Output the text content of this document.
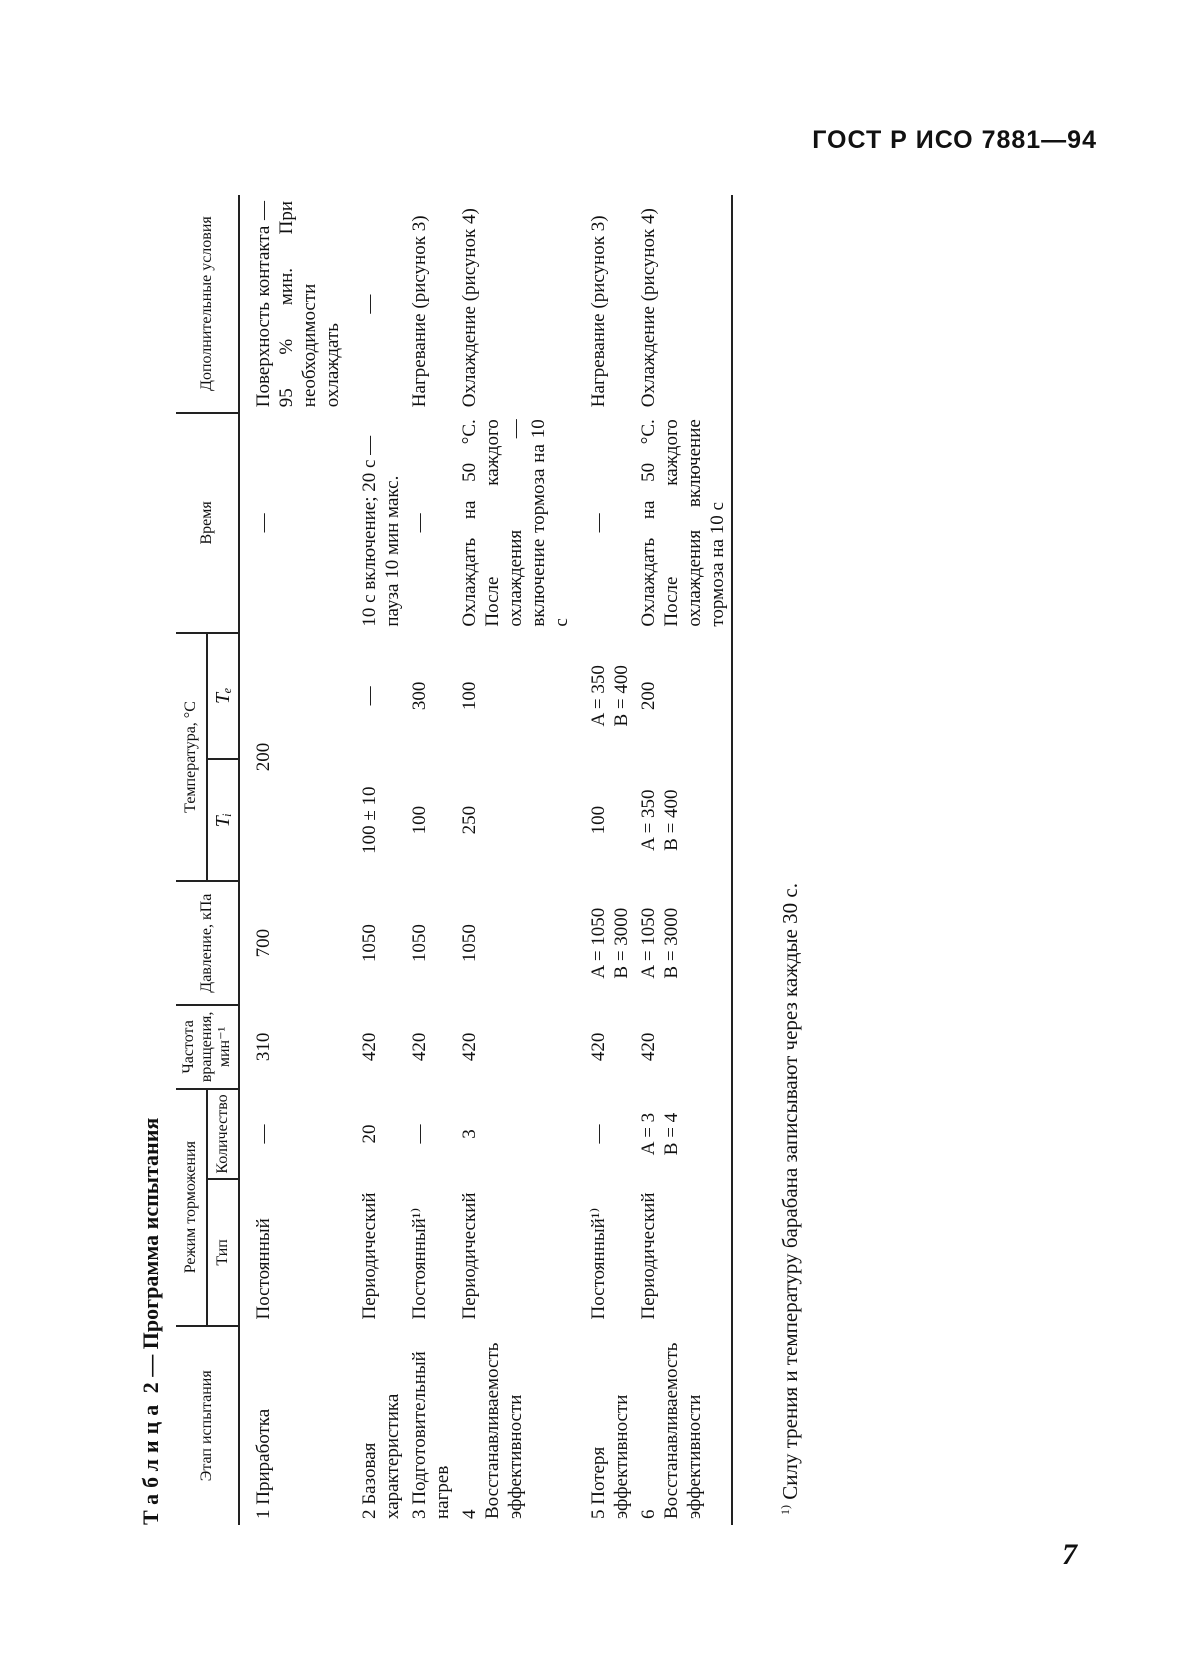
ГОСТ Р ИСО 7881—94
Таблица 2 — Программа испытания
Этап испытания	Режим торможения		Частота вращения, мин⁻¹	Давление, кПа	Температура, °С		Время	Дополнительные условия
	Тип	Количество			Tᵢ	Tₑ		
1 Приработка	Постоянный	—	310	700	200		—	Поверхность контакта — 95 % мин. При необходимости охлаждать
2 Базовая характеристика	Периодический	20	420	1050	100 ± 10	—	10 с включение; 20 с — пауза 10 мин макс.	—
3 Подготовительный нагрев	Постоянный¹⁾	—	420	1050	100	300	—	Нагревание (рисунок 3)
4 Восстанавливаемость эффективности	Периодический	3	420	1050	250	100	Охлаждать на 50 °С. После каждого охлаждения — включение тормоза на 10 с	Охлаждение (рисунок 4)
5 Потеря эффективности	Постоянный¹⁾	—	420	A = 1050
B = 3000	100	A = 350
B = 400	—	Нагревание (рисунок 3)
6 Восстанавливаемость эффективности	Периодический	A = 3
B = 4	420	A = 1050
B = 3000	A = 350
B = 400	200	Охлаждать на 50 °С. После каждого охлаждения включение тормоза на 10 с	Охлаждение (рисунок 4)
$^{1)}$ Силу трения и температуру барабана записывают через каждые 30 с.
7
